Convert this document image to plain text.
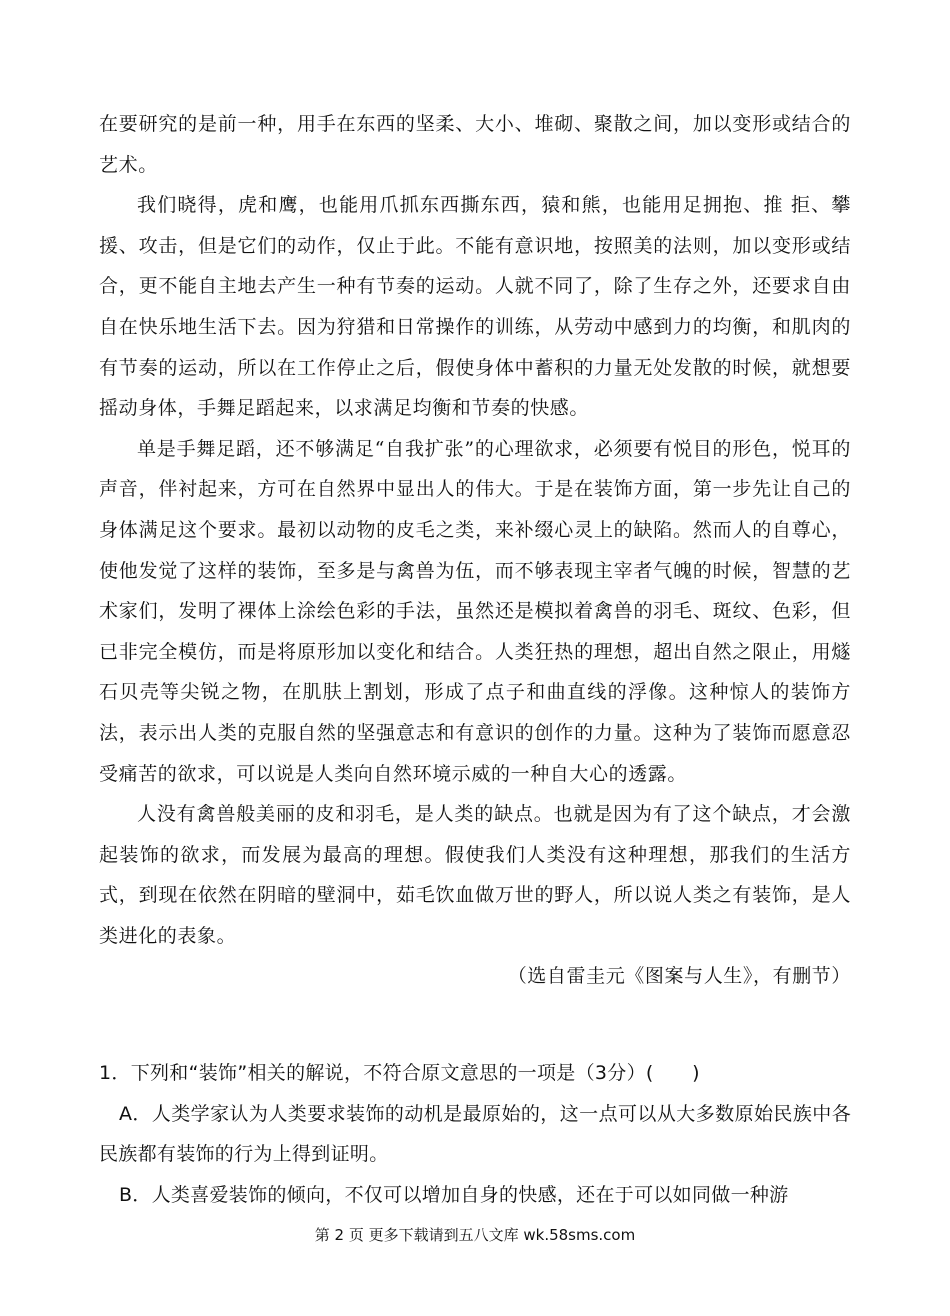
在要研究的是前一种，用手在东西的坚柔、大小、堆砌、聚散之间，加以变形或结合的艺术。

我们晓得，虎和鹰，也能用爪抓东西撕东西，猿和熊，也能用足拥抱、推 拒、攀援、攻击，但是它们的动作，仅止于此。不能有意识地，按照美的法则，加以变形或结合，更不能自主地去产生一种有节奏的运动。人就不同了，除了生存之外，还要求自由自在快乐地生活下去。因为狩猎和日常操作的训练，从劳动中感到力的均衡，和肌肉的有节奏的运动，所以在工作停止之后，假使身体中蓄积的力量无处发散的时候，就想要摇动身体，手舞足蹈起来，以求满足均衡和节奏的快感。

单是手舞足蹈，还不够满足“自我扩张”的心理欲求，必须要有悦目的形色，悦耳的声音，伴衬起来，方可在自然界中显出人的伟大。于是在装饰方面，第一步先让自己的身体满足这个要求。最初以动物的皮毛之类，来补缀心灵上的缺陷。然而人的自尊心，使他发觉了这样的装饰，至多是与禽兽为伍，而不够表现主宰者气魄的时候，智慧的艺术家们，发明了裸体上涂绘色彩的手法，虽然还是模拟着禽兽的羽毛、斑纹、色彩，但已非完全模仿，而是将原形加以变化和结合。人类狂热的理想，超出自然之限止，用燧石贝壳等尖锐之物，在肌肤上割划，形成了点子和曲直线的浮像。这种惊人的装饰方法，表示出人类的克服自然的坚强意志和有意识的创作的力量。这种为了装饰而愿意忍受痛苦的欲求，可以说是人类向自然环境示威的一种自大心的透露。

人没有禽兽般美丽的皮和羽毛，是人类的缺点。也就是因为有了这个缺点，才会激起装饰的欲求，而发展为最高的理想。假使我们人类没有这种理想，那我们的生活方式，到现在依然在阴暗的壁洞中，茹毛饮血做万世的野人，所以说人类之有装饰，是人类进化的表象。

（选自雷圭元《图案与人生》，有删节）

1．下列和“装饰”相关的解说，不符合原文意思的一项是（3分）(　　)

A．人类学家认为人类要求装饰的动机是最原始的，这一点可以从大多数原始民族中各民族都有装饰的行为上得到证明。

B．人类喜爱装饰的倾向，不仅可以增加自身的快感，还在于可以如同做一种游

第 2 页 更多下载请到五八文库 wk.58sms.com
